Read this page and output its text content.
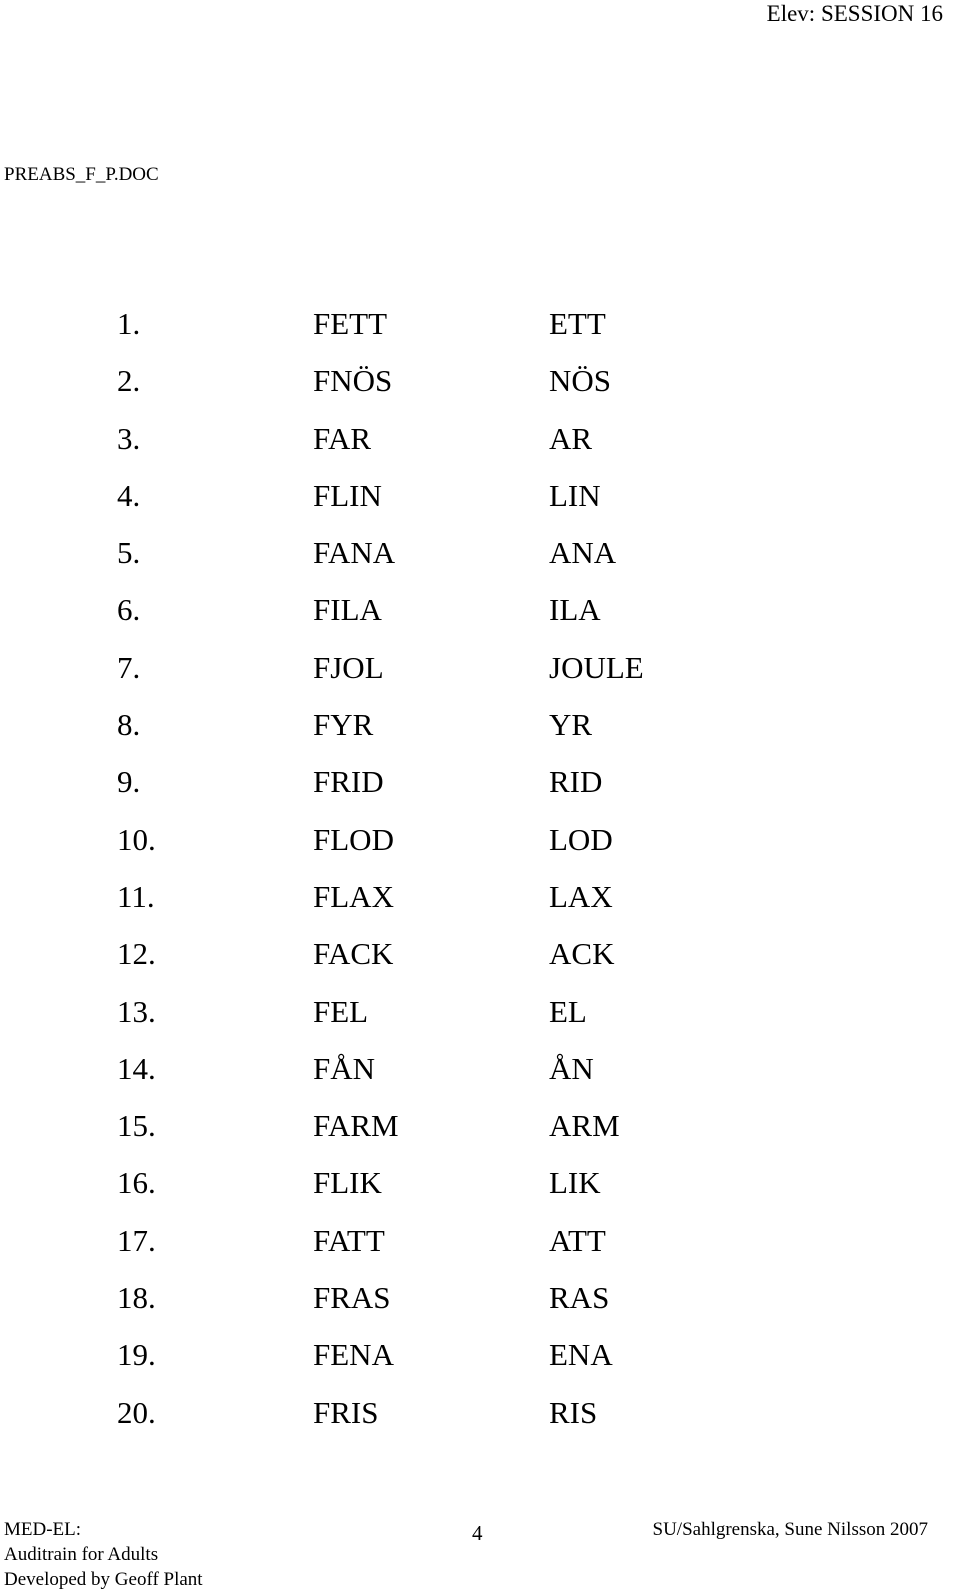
Elev: SESSION 16
PREABS_F_P.DOC
1.	FETT	ETT
2.	FNÖS	NÖS
3.	FAR	AR
4.	FLIN	LIN
5.	FANA	ANA
6.	FILA	ILA
7.	FJOL	JOULE
8.	FYR	YR
9.	FRID	RID
10.	FLOD	LOD
11.	FLAX	LAX
12.	FACK	ACK
13.	FEL	EL
14.	FÅN	ÅN
15.	FARM	ARM
16.	FLIK	LIK
17.	FATT	ATT
18.	FRAS	RAS
19.	FENA	ENA
20.	FRIS	RIS
MED-EL:
Auditrain for Adults
Developed by Geoff Plant
4	SU/Sahlgrenska, Sune Nilsson 2007
